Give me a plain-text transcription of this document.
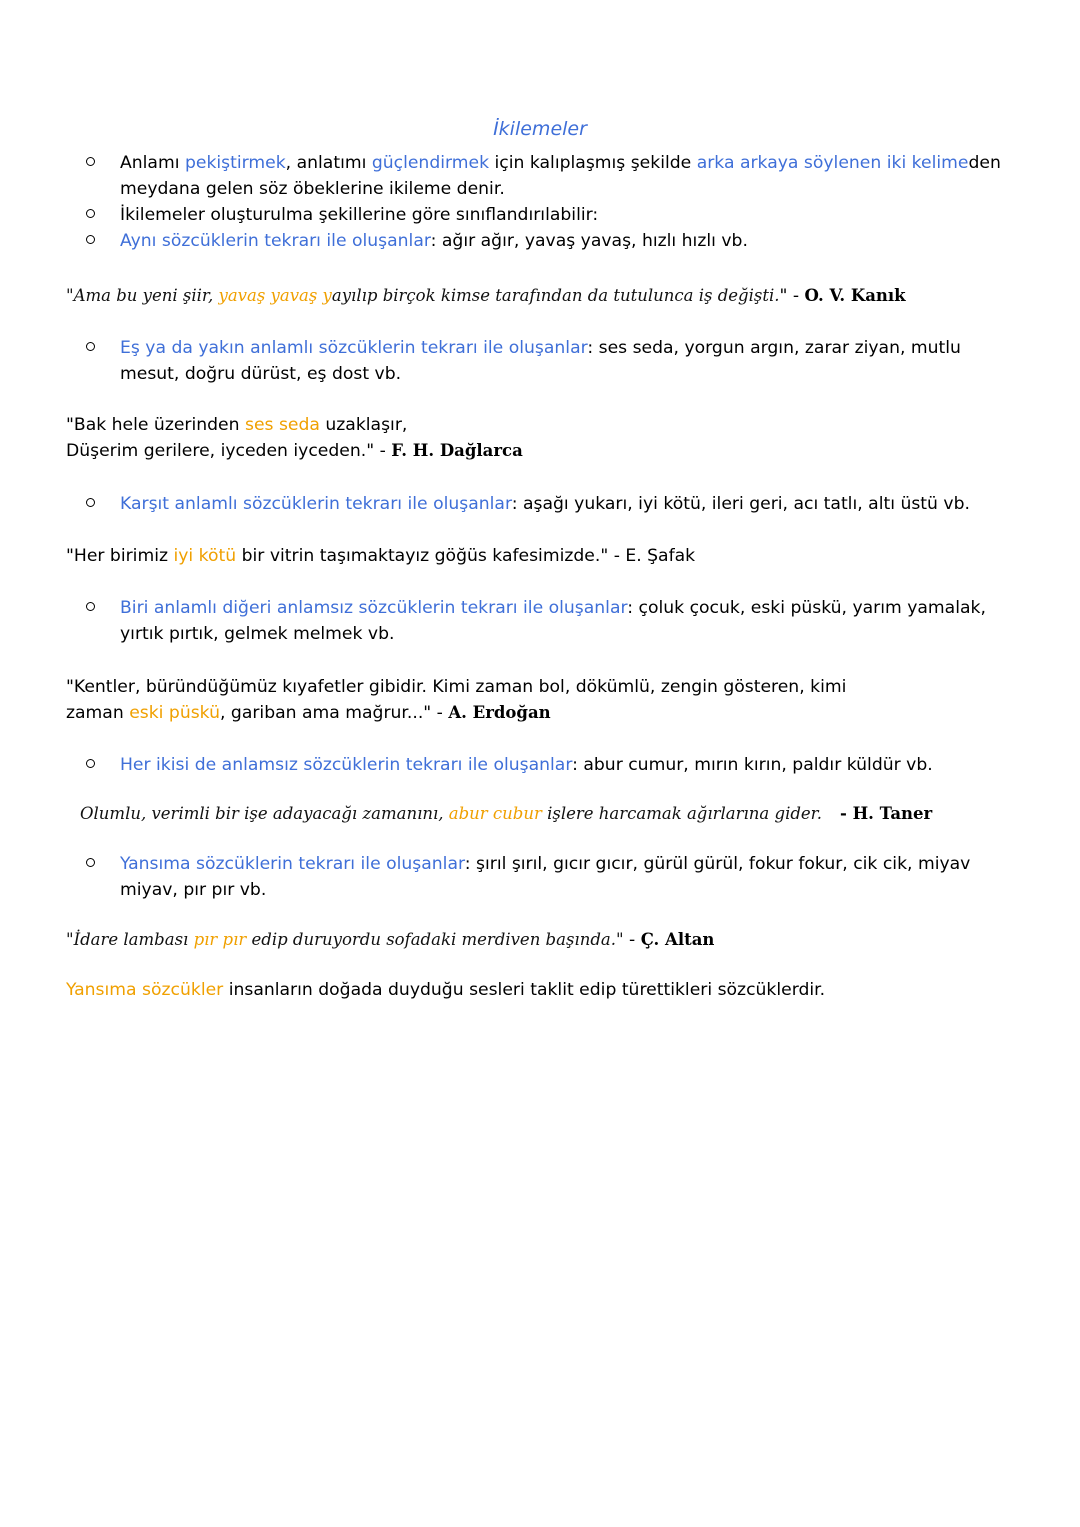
İkilemeler
Anlamı pekiştirmek, anlatımı güçlendirmek için kalıplaşmış şekilde arka arkaya söylenen iki kelimeden meydana gelen söz öbeklerine ikileme denir.
İkilemeler oluşturulma şekillerine göre sınıflandırılabilir:
Aynı sözcüklerin tekrarı ile oluşanlar: ağır ağır, yavaş yavaş, hızlı hızlı vb.
"Ama bu yeni şiir, yavaş yavaş yayılıp birçok kimse tarafından da tutulunca iş değişti." - O. V. Kanık
Eş ya da yakın anlamlı sözcüklerin tekrarı ile oluşanlar: ses seda, yorgun argın, zarar ziyan, mutlu mesut, doğru dürüst, eş dost vb.
"Bak hele üzerinden ses seda uzaklaşır,
Düşerim gerilere, iyceden iyceden." - F. H. Dağlarca
Karşıt anlamlı sözcüklerin tekrarı ile oluşanlar: aşağı yukarı, iyi kötü, ileri geri, acı tatlı, altı üstü vb.
"Her birimiz iyi kötü bir vitrin taşımaktayız göğüs kafesimizde." - E. Şafak
Biri anlamlı diğeri anlamsız sözcüklerin tekrarı ile oluşanlar: çoluk çocuk, eski püskü, yarım yamalak, yırtık pırtık, gelmek melmek vb.
"Kentler, büründüğümüz kıyafetler gibidir. Kimi zaman bol, dökümlü, zengin gösteren, kimi
zaman eski püskü, gariban ama mağrur..." - A. Erdoğan
Her ikisi de anlamsız sözcüklerin tekrarı ile oluşanlar: abur cumur, mırın kırın, paldır küldür vb.
Olumlu, verimli bir işe adayacağı zamanını, abur cubur işlere harcamak ağırlarına gider. - H. Taner
Yansıma sözcüklerin tekrarı ile oluşanlar: şırıl şırıl, gıcır gıcır, gürül gürül, fokur fokur, cik cik, miyav miyav, pır pır vb.
"İdare lambası pır pır edip duruyordu sofadaki merdiven başında." - Ç. Altan
Yansıma sözcükler insanların doğada duyduğu sesleri taklit edip türettikleri sözcüklerdir.
